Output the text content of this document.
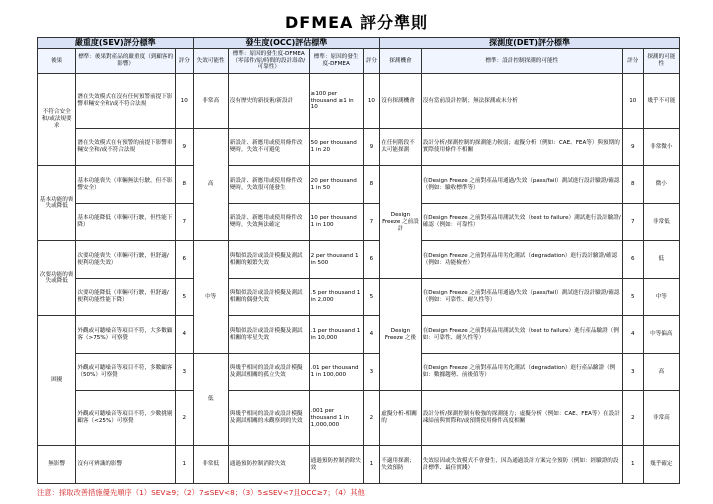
DFMEA 評分準則
嚴重度(SEV)評分標準			發生度(OCC)評估標準				探測度(DET)評分標準			
後果	標準：後果對產品的嚴重度（到顧客的影響）	評分	失效可能性	標準：原因的發生度-DFMEA（零部件/原/時間的設計壽命/可靠性）	標準：原因的發生度-DFMEA	評分	探測機會	標準：設計控制探測的可能性	評分	探測的可能性
不符合安全和/或法規要求	潛在失效模式在沒有任何預警前提下影響車輛安全和/或不符合法規	10	非常高	沒有歷史的新技術/新設計	≥100 per thousand ≥1 in 10	10	沒有探測機會	沒有當前設計控制；無法探測或未分析	10	幾乎不可能
	潛在失效模式在有預警的前提下影響車輛安全和/或不符合法規	9	高	新設計、新應用或使用條件改變時，失效不可避免	50 per thousand 1 in 20	9	在任何階段不太可能探測	設計分析/探測控制的探測能力較弱；虛擬分析（例如：CAE、FEA等）與預期的實際使用條件不相關	9	非常微小
基本功能的喪失或降低	基本功能喪失（車輛無法行駛，但不影響安全）	8		新設計、新應用或使用條件改變時，失效很可能發生	20 per thousand 1 in 50	8	Design Freeze 之前設計	在Design Freeze 之前對產品用通過/失效（pass/fail）測試進行設計驗證/確認（例如：驗收標準等）	8	微小
	基本功能降低（車輛可行駛，但性能下降）	7		新設計、新應用或使用條件改變時，失效無法確定	10 per thousand 1 in 100	7		在Design Freeze 之前對產品用測試失效（test to failure）測試進行設計驗證/確認（例如：可靠性）	7	非常低
次要功能的喪失或降低	次要功能喪失（車輛可行駛，但舒適/便利功能失效）	6	中等	與類似設計或設計模擬及測試相關的頻繁失效	2 per thousand 1 in 500	6		在Design Freeze 之前對產品用劣化測試（degradation）進行設計驗證/確認（例如：功能檢查）	6	低
	次要功能降低（車輛可行駛，但舒適/便利功能性能下降）	5		與類似設計或設計模擬及測試相關的偶發失效	.5 per thousand 1 in 2,000	5	Design Freeze 之後	在Design Freeze 之前對產品用通過/失效（pass/fail）測試進行設計驗證/確認（例如：可靠性、耐久性等）	5	中等
困擾	外觀或可聽噪音等項目不符，大多數顧客（>75%）可察覺	4		與類似設計或設計模擬及測試相關的零星失效	.1 per thousand 1 in 10,000	4		在Design Freeze 之前對產品用測試失效（test to failure）進行產品驗證（例如：可靠性、耐久性等）	4	中等偏高
	外觀或可聽噪音等項目不符，多數顧客（50%）可察覺	3	低	與幾乎相同的設計或設計模擬及測試相關的孤立失效	.01 per thousand 1 in 100,000	3		在Design Freeze 之前對產品用劣化測試（degradation）進行產品驗證（例如：數據趨勢、前後值等）	3	高
	外觀或可聽噪音等項目不符，少數挑剔顧客（<25%）可察覺	2		與幾乎相同的設計或設計模擬及測試相關的未觀察到的失效	.001 per thousand 1 in 1,000,000	2	虛擬分析-相關的	設計分析/探測控制有較強的探測能力；虛擬分析（例如：CAE、FEA等）在設計凍結前與實際和/或預期使用條件高度相關	2	非常高
無影響	沒有可辨識的影響	1	非常低	通過預防控制消除失效	通過預防控制消除失效	1	不適用探測；失效預防	失效原因或失效模式不會發生，因為通過設計方案完全預防（例如：經驗證的設計標準、最佳實踐）	1	幾乎確定
注意：採取改善措施優先順序（1）SEV≥9；（2）7≤SEV<8；（3）5≤SEV<7且OCC≥7；（4）其他
